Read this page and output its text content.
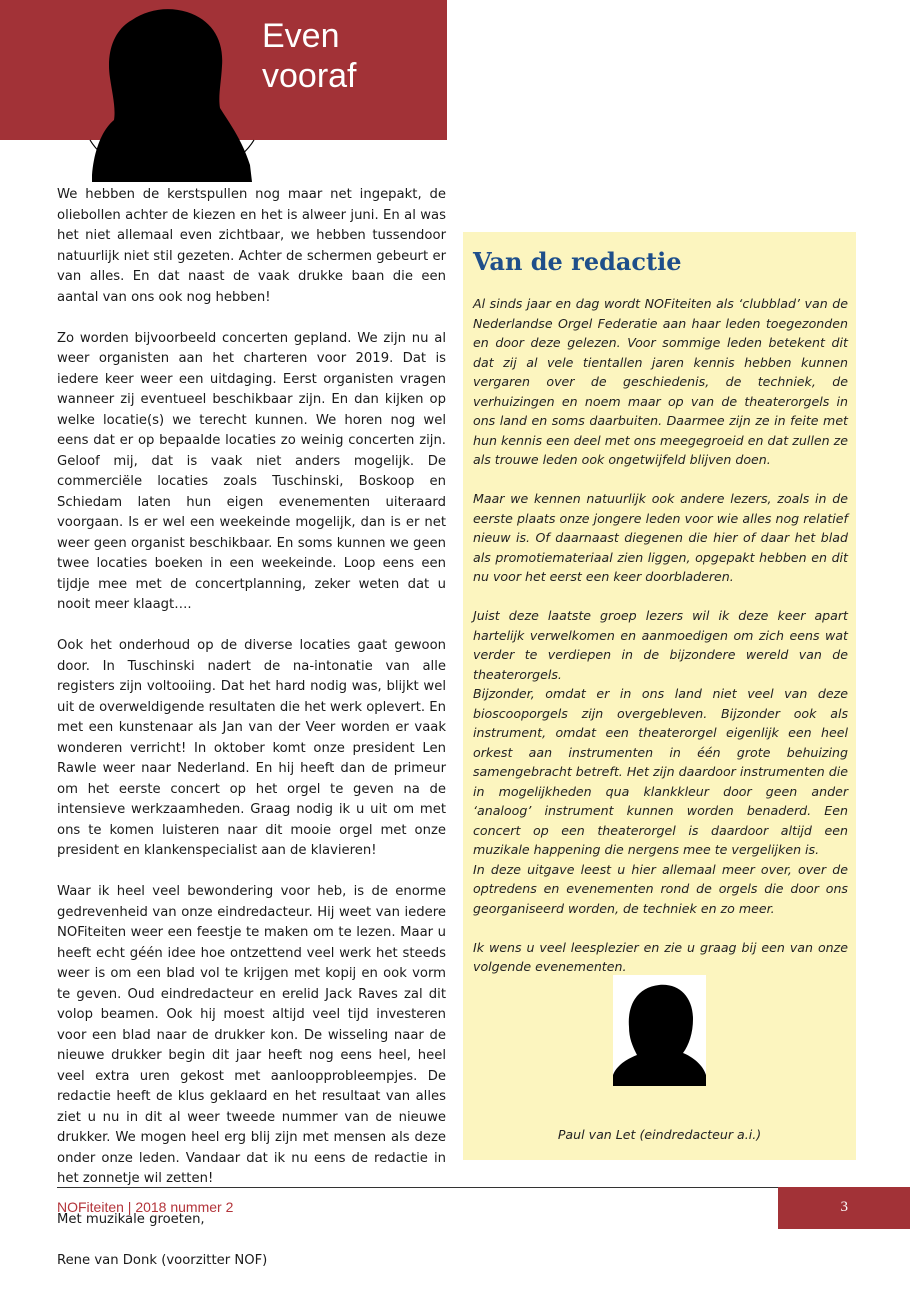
Even
vooraf

We hebben de kerstspullen nog maar net ingepakt, de oliebollen achter de kiezen en het is alweer juni. En al was het niet allemaal even zichtbaar, we hebben tussendoor natuurlijk niet stil gezeten. Achter de schermen gebeurt er van alles. En dat naast de vaak drukke baan die een aantal van ons ook nog hebben!

Zo worden bijvoorbeeld concerten gepland. We zijn nu al weer organisten aan het charteren voor 2019. Dat is iedere keer weer een uitdaging. Eerst organisten vragen wanneer zij eventueel beschikbaar zijn. En dan kijken op welke locatie(s) we terecht kunnen. We horen nog wel eens dat er op bepaalde locaties zo weinig concerten zijn. Geloof mij, dat is vaak niet anders mogelijk. De commerciële locaties zoals Tuschinski, Boskoop en Schiedam laten hun eigen evenementen uiteraard voorgaan. Is er wel een weekeinde mogelijk, dan is er net weer geen organist beschikbaar. En soms kunnen we geen twee locaties boeken in een weekeinde. Loop eens een tijdje mee met de concertplanning, zeker weten dat u nooit meer klaagt….

Ook het onderhoud op de diverse locaties gaat gewoon door. In Tuschinski nadert de na-intonatie van alle registers zijn voltooiing. Dat het hard nodig was, blijkt wel uit de overweldigende resultaten die het werk oplevert. En met een kunstenaar als Jan van der Veer worden er vaak wonderen verricht! In oktober komt onze president Len Rawle weer naar Nederland. En hij heeft dan de primeur om het eerste concert op het orgel te geven na de intensieve werkzaamheden. Graag nodig ik u uit om met ons te komen luisteren naar dit mooie orgel met onze president en klankenspecialist aan de klavieren!

Waar ik heel veel bewondering voor heb, is de enorme gedrevenheid van onze eindredacteur. Hij weet van iedere NOFiteiten weer een feestje te maken om te lezen. Maar u heeft echt géén idee hoe ontzettend veel werk het steeds weer is om een blad vol te krijgen met kopij en ook vorm te geven. Oud eindredacteur en erelid Jack Raves zal dit volop beamen. Ook hij moest altijd veel tijd investeren voor een blad naar de drukker kon. De wisseling naar de nieuwe drukker begin dit jaar heeft nog eens heel, heel veel extra uren gekost met aanloopprobleempjes. De redactie heeft de klus geklaard en het resultaat van alles ziet u nu in dit al weer tweede nummer van de nieuwe drukker. We mogen heel erg blij zijn met mensen als deze onder onze leden. Vandaar dat ik nu eens de redactie in het zonnetje wil zetten!

Met muzikale groeten,

Rene van Donk (voorzitter NOF)

Van de redactie

Al sinds jaar en dag wordt NOFiteiten als ‘clubblad’ van de Nederlandse Orgel Federatie aan haar leden toegezonden en door deze gelezen. Voor sommige leden betekent dit dat zij al vele tientallen jaren kennis hebben kunnen vergaren over de geschiedenis, de techniek, de verhuizingen en noem maar op van de theaterorgels in ons land en soms daarbuiten. Daarmee zijn ze in feite met hun kennis een deel met ons meegegroeid en dat zullen ze als trouwe leden ook ongetwijfeld blijven doen.

Maar we kennen natuurlijk ook andere lezers, zoals in de eerste plaats onze jongere leden voor wie alles nog relatief nieuw is. Of daarnaast diegenen die hier of daar het blad als promotiemateriaal zien liggen, opgepakt hebben en dit nu voor het eerst een keer doorbladeren.

Juist deze laatste groep lezers wil ik deze keer apart hartelijk verwelkomen en aanmoedigen om zich eens wat verder te verdiepen in de bijzondere wereld van de theaterorgels.

Bijzonder, omdat er in ons land niet veel van deze bioscooporgels zijn overgebleven. Bijzonder ook als instrument, omdat een theaterorgel eigenlijk een heel orkest aan instrumenten in één grote behuizing samengebracht betreft. Het zijn daardoor instrumenten die in mogelijkheden qua klankkleur door geen ander ‘analoog’ instrument kunnen worden benaderd. Een concert op een theaterorgel is daardoor altijd een muzikale happening die nergens mee te vergelijken is.

In deze uitgave leest u hier allemaal meer over, over de optredens en evenementen rond de orgels die door ons georganiseerd worden, de techniek en zo meer.

Ik wens u veel leesplezier en zie u graag bij een van onze volgende evenementen.

Paul van Let (eindredacteur a.i.)
NOFiteiten | 2018 nummer 2	3
